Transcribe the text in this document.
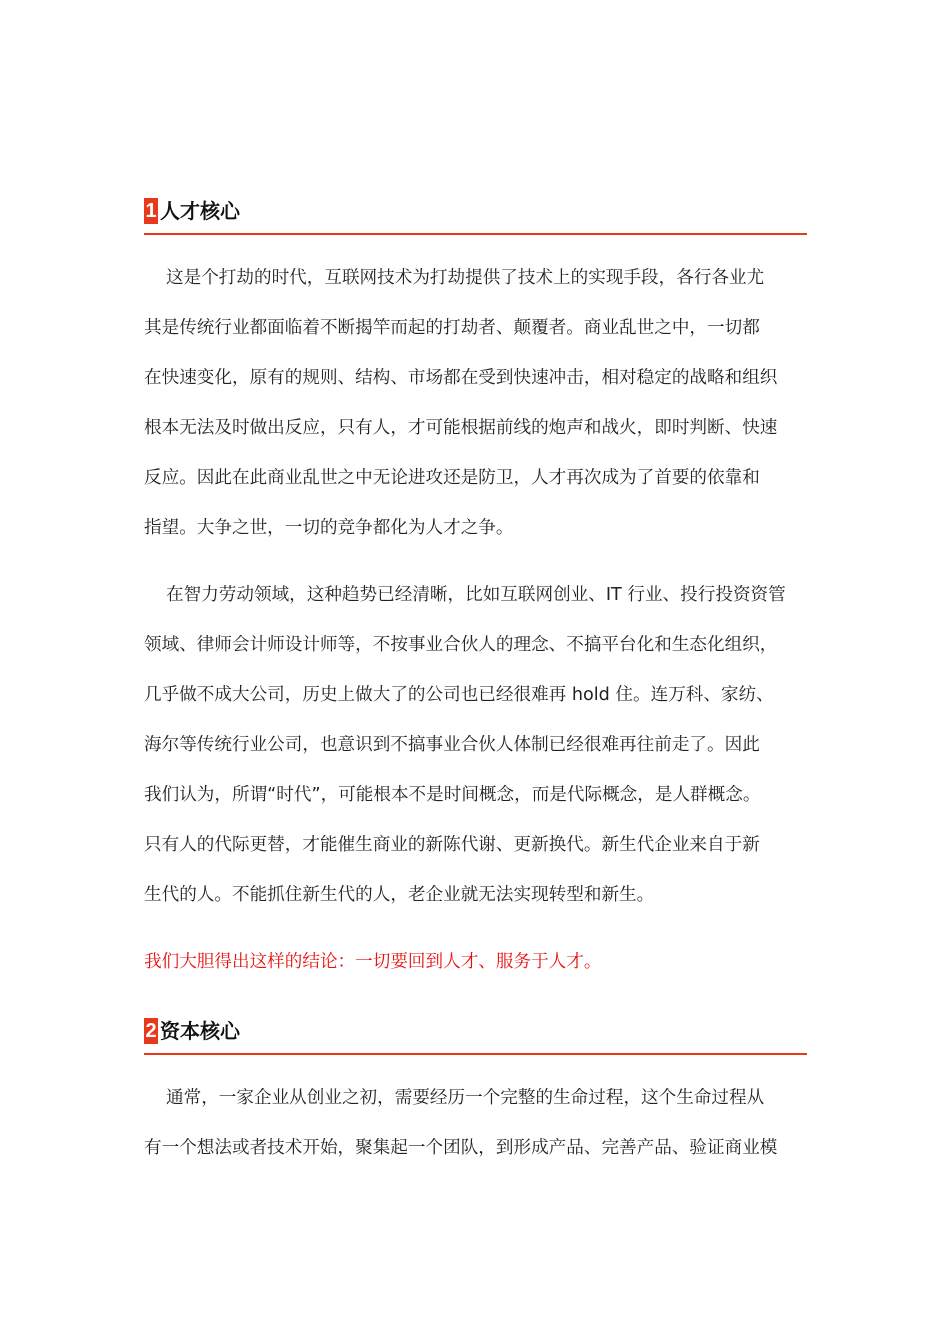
1 人才核心
这是个打劫的时代，互联网技术为打劫提供了技术上的实现手段，各行各业尤
其是传统行业都面临着不断揭竿而起的打劫者、颠覆者。商业乱世之中，一切都
在快速变化，原有的规则、结构、市场都在受到快速冲击，相对稳定的战略和组织
根本无法及时做出反应，只有人，才可能根据前线的炮声和战火，即时判断、快速
反应。因此在此商业乱世之中无论进攻还是防卫，人才再次成为了首要的依靠和
指望。大争之世，一切的竞争都化为人才之争。
在智力劳动领域，这种趋势已经清晰，比如互联网创业、IT 行业、投行投资资管
领域、律师会计师设计师等，不按事业合伙人的理念、不搞平台化和生态化组织，
几乎做不成大公司，历史上做大了的公司也已经很难再 hold 住。连万科、家纺、
海尔等传统行业公司，也意识到不搞事业合伙人体制已经很难再往前走了。因此
我们认为，所谓“时代”，可能根本不是时间概念，而是代际概念，是人群概念。
只有人的代际更替，才能催生商业的新陈代谢、更新换代。新生代企业来自于新
生代的人。不能抓住新生代的人，老企业就无法实现转型和新生。

我们大胆得出这样的结论：一切要回到人才、服务于人才。

2 资本核心
通常，一家企业从创业之初，需要经历一个完整的生命过程，这个生命过程从
有一个想法或者技术开始，聚集起一个团队，到形成产品、完善产品、验证商业模
